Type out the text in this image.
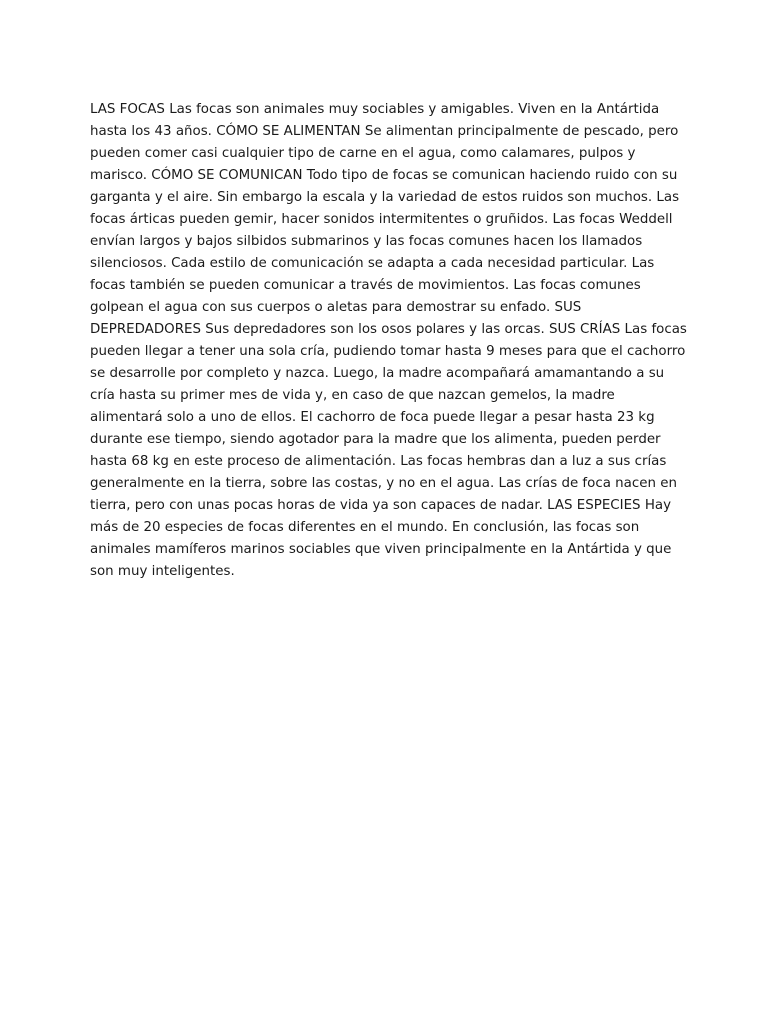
LAS FOCAS Las focas son animales muy sociables y amigables. Viven en la Antártida hasta los 43 años. CÓMO SE ALIMENTAN Se alimentan principalmente de pescado, pero pueden comer casi cualquier tipo de carne en el agua, como calamares, pulpos y marisco. CÓMO SE COMUNICAN Todo tipo de focas se comunican haciendo ruido con su garganta y el aire. Sin embargo la escala y la variedad de estos ruidos son muchos. Las focas árticas pueden gemir, hacer sonidos intermitentes o gruñidos. Las focas Weddell envían largos y bajos silbidos submarinos y las focas comunes hacen los llamados silenciosos. Cada estilo de comunicación se adapta a cada necesidad particular. Las focas también se pueden comunicar a través de movimientos. Las focas comunes golpean el agua con sus cuerpos o aletas para demostrar su enfado. SUS DEPREDADORES Sus depredadores son los osos polares y las orcas. SUS CRÍAS Las focas pueden llegar a tener una sola cría, pudiendo tomar hasta 9 meses para que el cachorro se desarrolle por completo y nazca. Luego, la madre acompañará amamantando a su cría hasta su primer mes de vida y, en caso de que nazcan gemelos, la madre alimentará solo a uno de ellos. El cachorro de foca puede llegar a pesar hasta 23 kg durante ese tiempo, siendo agotador para la madre que los alimenta, pueden perder hasta 68 kg en este proceso de alimentación. Las focas hembras dan a luz a sus crías generalmente en la tierra, sobre las costas, y no en el agua. Las crías de foca nacen en tierra, pero con unas pocas horas de vida ya son capaces de nadar. LAS ESPECIES Hay más de 20 especies de focas diferentes en el mundo. En conclusión, las focas son animales mamíferos marinos sociables que viven principalmente en la Antártida y que son muy inteligentes.
